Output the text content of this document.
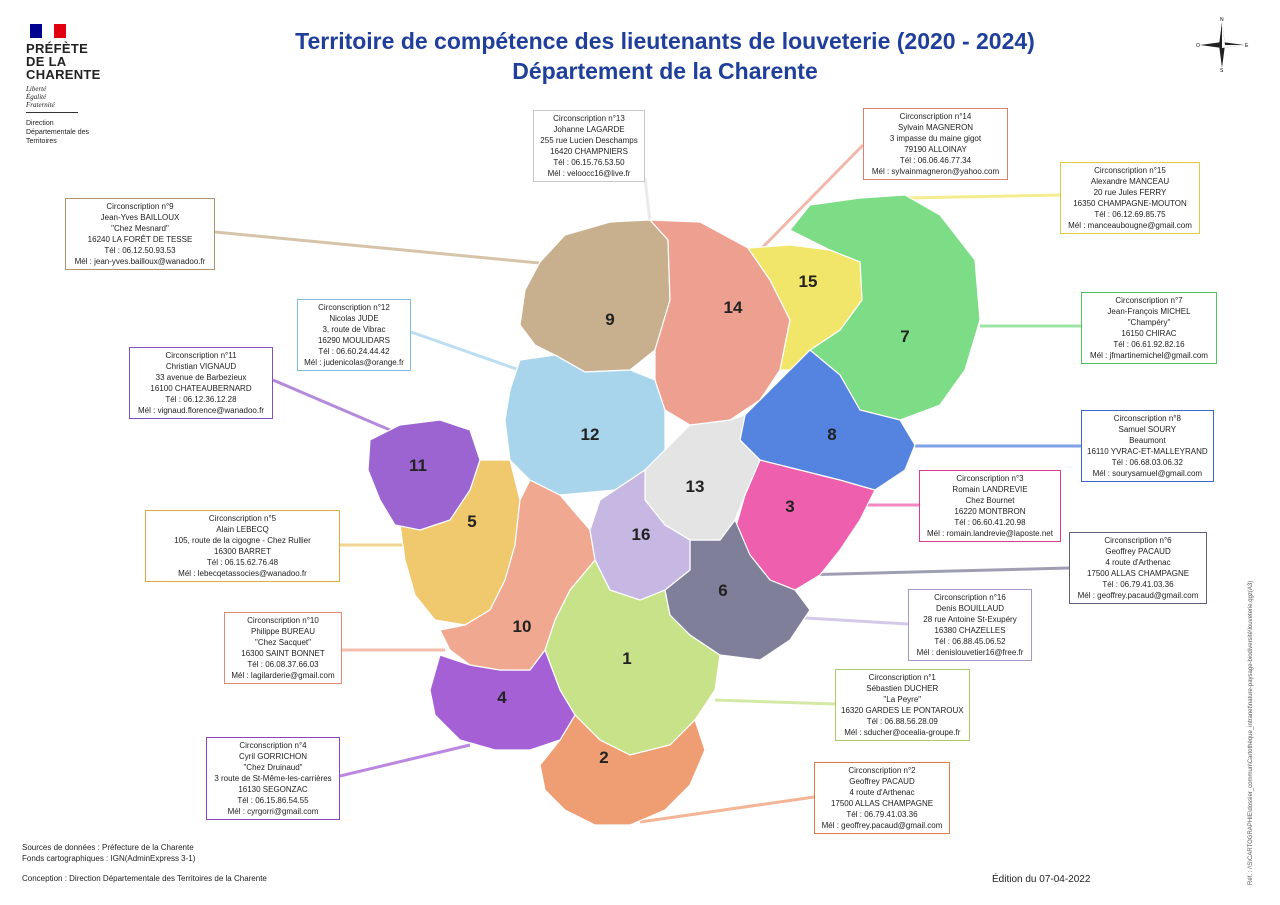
PRÉFÈTE
DE LA
CHARENTE
Liberté
Égalité
Fraternité
Direction
Départementale des
Territoires
Territoire de compétence des lieutenants de louveterie (2020 - 2024)
Département de la Charente
N
S
E
O
1
2
3
4
5
6
7
8
9
10
11
12
13
14
15
16
Circonscription n°1
Sébastien DUCHER
"La Peyre"
16320 GARDES LE PONTAROUX
Tél : 06.88.56.28.09
Mél : sducher@ocealia-groupe.fr
Circonscription n°2
Geoffrey PACAUD
4 route d'Arthenac
17500 ALLAS CHAMPAGNE
Tél : 06.79.41.03.36
Mél : geoffrey.pacaud@gmail.com
Circonscription n°3
Romain LANDREVIE
Chez Bournet
16220 MONTBRON
Tél : 06.60.41.20.98
Mél : romain.landrevie@laposte.net
Circonscription n°4
Cyril GORRICHON
"Chez Druinaud"
3 route de St-Même-les-carrières
16130 SEGONZAC
Tél : 06.15.86.54.55
Mél : cyrgorri@gmail.com
Circonscription n°5
Alain LEBECQ
105, route de la cigogne - Chez Rullier
16300 BARRET
Tél : 06.15.62.76.48
Mél : lebecqetassocies@wanadoo.fr
Circonscription n°6
Geoffrey PACAUD
4 route d'Arthenac
17500 ALLAS CHAMPAGNE
Tél : 06.79.41.03.36
Mél : geoffrey.pacaud@gmail.com
Circonscription n°7
Jean-François MICHEL
"Champéry"
16150 CHIRAC
Tél : 06.61.92.82.16
Mél : jfmartinemichel@gmail.com
Circonscription n°8
Samuel SOURY
Beaumont
16110 YVRAC-ET-MALLEYRAND
Tél : 06.68.03.06.32
Mél : sourysamuel@gmail.com
Circonscription n°9
Jean-Yves BAILLOUX
"Chez Mesnard"
16240 LA FORÊT DE TESSE
Tél : 06.12.50.93.53
Mél : jean-yves.bailloux@wanadoo.fr
Circonscription n°10
Philippe BUREAU
"Chez Sacquet"
16300 SAINT BONNET
Tél : 06.08.37.66.03
Mél : lagilarderie@gmail.com
Circonscription n°11
Christian VIGNAUD
33 avenue de Barbezieux
16100 CHATEAUBERNARD
Tél : 06.12.36.12.28
Mél : vignaud.florence@wanadoo.fr
Circonscription n°12
Nicolas JUDE
3, route de Vibrac
16290 MOULIDARS
Tél : 06.60.24.44.42
Mél : judenicolas@orange.fr
Circonscription n°13
Johanne LAGARDE
255 rue Lucien Deschamps
16420 CHAMPNIERS
Tél : 06.15.76.53.50
Mél : veloocc16@live.fr
Circonscription n°14
Sylvain MAGNERON
3 impasse du maine gigot
79190 ALLOINAY
Tél : 06.06.46.77.34
Mél : sylvainmagneron@yahoo.com	Circonscription n°15
Alexandre MANCEAU
20 rue Jules FERRY
16350 CHAMPAGNE-MOUTON
Tél : 06.12.69.85.75
Mél : manceaubougne@gmail.com
Circonscription n°16
Denis BOUILLAUD
28 rue Antoine St-Exupéry
16380 CHAZELLES
Tél : 06.88.45.06.52
Mél : denislouvetier16@free.fr
Sources de données : Préfecture de la Charente
Fonds cartographiques : IGN(AdminExpress 3-1)
Conception : Direction Départementale des Territoires de la Charente	Édition du 07-04-2022	Réf. : /\S\CARTOGRAPHIE\dossier_commun\Cartothèque_intranet\nature-paysage-biodiversité\louveterie.qgz(A3)
